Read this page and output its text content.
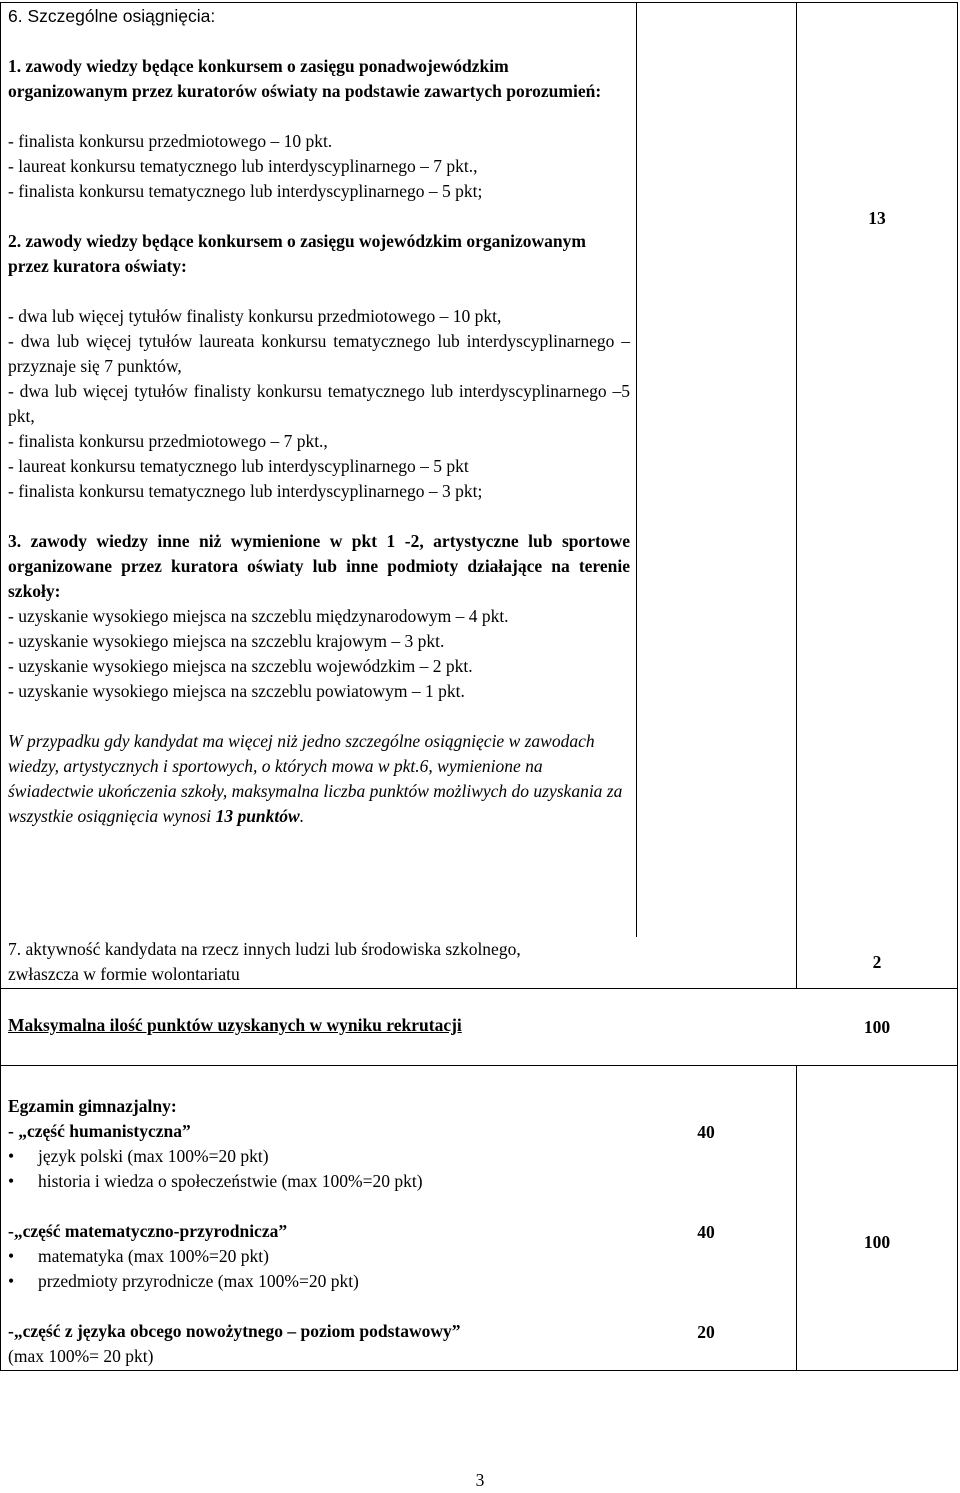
6. Szczególne osiągnięcia:

1. zawody wiedzy będące konkursem o zasięgu ponadwojewódzkim organizowanym przez kuratorów oświaty na podstawie zawartych porozumień:

- finalista konkursu przedmiotowego – 10 pkt.

- laureat konkursu tematycznego lub interdyscyplinarnego – 7 pkt.,

- finalista konkursu tematycznego lub interdyscyplinarnego – 5 pkt;

2. zawody wiedzy będące konkursem o zasięgu wojewódzkim organizowanym przez kuratora oświaty:

- dwa lub więcej tytułów finalisty konkursu przedmiotowego – 10 pkt,

- dwa lub więcej tytułów laureata konkursu tematycznego lub interdyscyplinarnego – przyznaje się 7 punktów,

- dwa lub więcej tytułów finalisty konkursu tematycznego lub interdyscyplinarnego –5 pkt,

- finalista konkursu przedmiotowego – 7 pkt.,

- laureat konkursu tematycznego lub interdyscyplinarnego – 5 pkt

- finalista konkursu tematycznego lub interdyscyplinarnego – 3 pkt;

3. zawody wiedzy inne niż wymienione w pkt 1 -2, artystyczne lub sportowe organizowane przez kuratora oświaty lub inne podmioty działające na terenie szkoły:

- uzyskanie wysokiego miejsca na szczeblu międzynarodowym – 4 pkt.

- uzyskanie wysokiego miejsca na szczeblu krajowym – 3 pkt.

- uzyskanie wysokiego miejsca na szczeblu wojewódzkim – 2 pkt.

- uzyskanie wysokiego miejsca na szczeblu powiatowym – 1 pkt.

W przypadku gdy kandydat ma więcej niż jedno szczególne osiągnięcie w zawodach wiedzy, artystycznych i sportowych, o których mowa w pkt.6, wymienione na świadectwie ukończenia szkoły, maksymalna liczba punktów możliwych do uzyskania za wszystkie osiągnięcia wynosi 13 punktów.

13

7. aktywność kandydata na rzecz innych ludzi lub środowiska szkolnego, zwłaszcza w formie wolontariatu

2
Maksymalna ilość punktów uzyskanych w wyniku rekrutacji	100

Egzamin gimnazjalny:

- „część humanistyczna”

• język polski (max 100%=20 pkt)

• historia i wiedza o społeczeństwie (max 100%=20 pkt)

-„część matematyczno-przyrodnicza”

• matematyka (max 100%=20 pkt)

• przedmioty przyrodnicze (max 100%=20 pkt)

-„część z języka obcego nowożytnego – poziom podstawowy”

(max 100%= 20 pkt)

40
40
20
100
3
